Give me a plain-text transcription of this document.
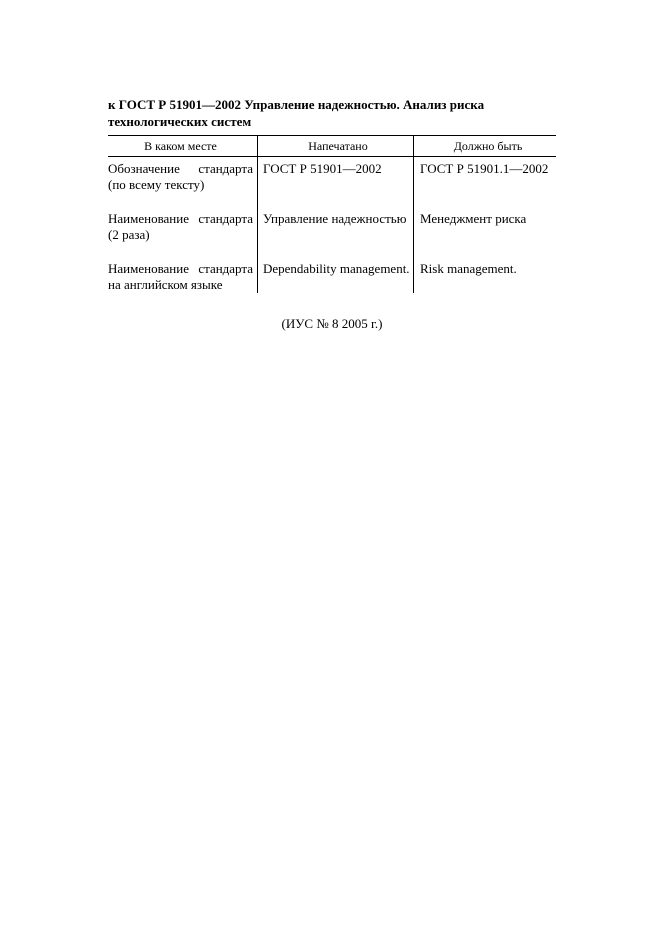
к ГОСТ Р 51901—2002 Управление надежностью. Анализ риска технологических систем
В каком месте	Напечатано	Должно быть
Обозначение стандарта (по всему тексту)	ГОСТ Р 51901—2002	ГОСТ Р 51901.1—2002
Наименование стандарта (2 раза)	Управление надежностью	Менеджмент риска
Наименование стандарта на английском языке	Dependability management.	Risk management.
(ИУС № 8 2005 г.)
